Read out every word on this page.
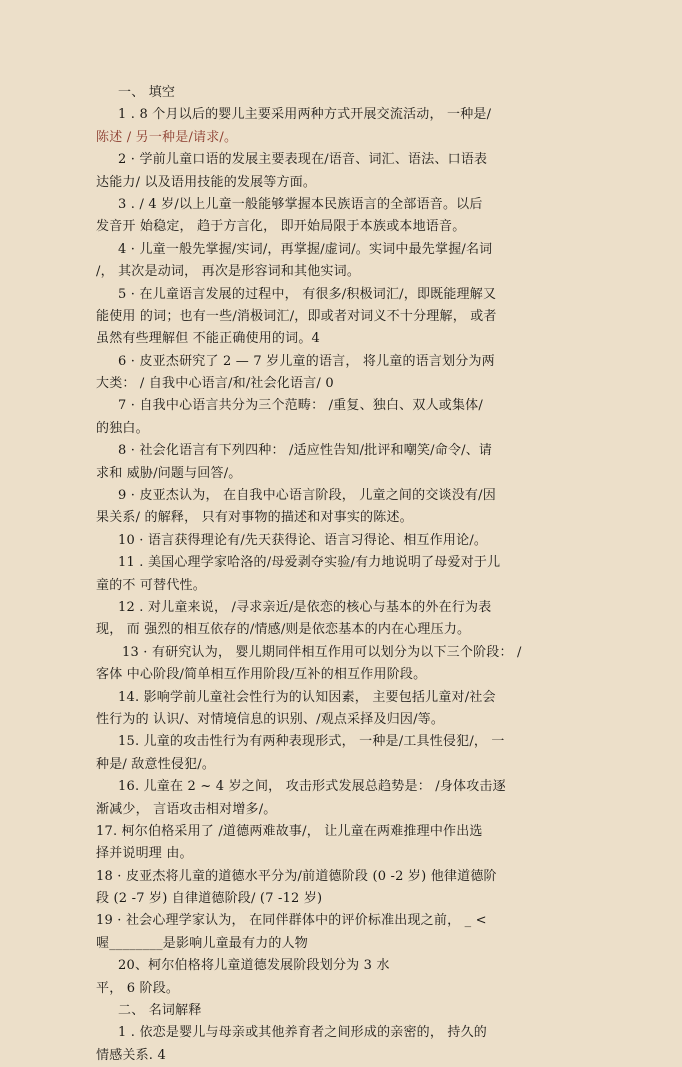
一、 填空
1 . 8 个月以后的婴儿主要采用两种方式开展交流活动， 一种是/
陈述 / 另一种是/请求/。
2 · 学前儿童口语的发展主要表现在/语音、词汇、语法、口语表
达能力/ 以及语用技能的发展等方面。
3 . / 4 岁/以上儿童一般能够掌握本民族语言的全部语音。以后
发音开 始稳定， 趋于方言化， 即开始局限于本族或本地语音。
4 · 儿童一般先掌握/实词/，再掌握/虚词/。实词中最先掌握/名词
/， 其次是动词， 再次是形容词和其他实词。
5 · 在儿童语言发展的过程中， 有很多/积极词汇/，即既能理解又
能使用 的词；也有一些/消极词汇/，即或者对词义不十分理解， 或者
虽然有些理解但 不能正确使用的词。4
6 · 皮亚杰研究了 2 — 7 岁儿童的语言， 将儿童的语言划分为两
大类： / 自我中心语言/和/社会化语言/ 0
7 · 自我中心语言共分为三个范畴： /重复、独白、双人或集体/
的独白。
8 · 社会化语言有下列四种： /适应性告知/批评和嘲笑/命令/、请
求和 威胁/问题与回答/。
9 · 皮亚杰认为， 在自我中心语言阶段， 儿童之间的交谈没有/因
果关系/ 的解释， 只有对事物的描述和对事实的陈述。
10 · 语言获得理论有/先天获得论、语言习得论、相互作用论/。
11 . 美国心理学家哈洛的/母爱剥夺实验/有力地说明了母爱对于儿
童的不 可替代性。
12 . 对儿童来说， /寻求亲近/是依恋的核心与基本的外在行为表
现， 而 强烈的相互依存的/情感/则是依恋基本的内在心理压力。
13 · 有研究认为， 婴儿期同伴相互作用可以划分为以下三个阶段： /
客体 中心阶段/简单相互作用阶段/互补的相互作用阶段。
14. 影响学前儿童社会性行为的认知因素， 主要包括儿童对/社会
性行为的 认识/、对情境信息的识别、/观点采择及归因/等。
15. 儿童的攻击性行为有两种表现形式， 一种是/工具性侵犯/， 一
种是/ 敌意性侵犯/。
16. 儿童在 2 ~ 4 岁之间， 攻击形式发展总趋势是： /身体攻击逐
渐减少， 言语攻击相对增多/。
17. 柯尔伯格采用了 /道德两难故事/， 让儿童在两难推理中作出选
择并说明理 由。
18 · 皮亚杰将儿童的道德水平分为/前道德阶段 (0 -2 岁) 他律道德阶
段 (2 -7 岁) 自律道德阶段/ (7 -12 岁)
19 · 社会心理学家认为， 在同伴群体中的评价标准出现之前， _ <
喔________是影响儿童最有力的人物
20、柯尔伯格将儿童道德发展阶段划分为 3 水
平， 6 阶段。
二、 名词解释
1 . 依恋是婴儿与母亲或其他养育者之间形成的亲密的， 持久的
情感关系. 4
